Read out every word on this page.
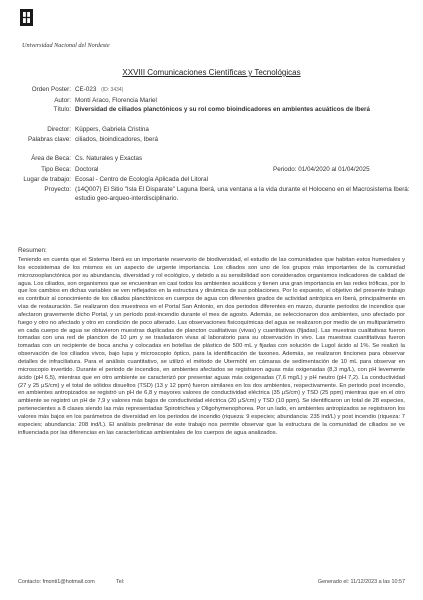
Universidad Nacional del Nordeste
XXVIII Comunicaciones Científicas y Tecnológicas
Orden Poster: CE-023 (ID: 3434)
Autor: Montí Araco, Florencia Mariel
Título: Diversidad de ciliados planctónicos y su rol como bioindicadores en ambientes acuáticos de Iberá
Director: Küppers, Gabriela Cristina
Palabras clave: ciliados, bioindicadores, Iberá
Área de Beca: Cs. Naturales y Exactas
Tipo Beca: Doctoral	Periodo: 01/04/2020 al 01/04/2025
Lugar de trabajo: Ecosal - Centro de Ecología Aplicada del Litoral
Proyecto: (14Q007) El Sitio "Isla El Disparate" Laguna Iberá, una ventana a la vida durante el Holoceno en el Macrosistema Iberá: estudio geo-arqueo-interdisciplinario.
Resumen:
Teniendo en cuenta que el Sistema Iberá es un importante reservorio de biodiversidad, el estudio de las comunidades que habitan estos humedales y los ecosistemas de los mismos es un aspecto de urgente importancia. Los ciliados son uno de los grupos más importantes de la comunidad microzooplanctónica por su abundancia, diversidad y rol ecológico, y debido a su sensibilidad son considerados organismos indicadores de calidad de agua. Los ciliados, son organismos que se encuentran en casi todos los ambientes acuáticos y tienen una gran importancia en las redes tróficas, por lo que los cambios en dichas variables se ven reflejados en la estructura y dinámica de sus poblaciones. Por lo expuesto, el objetivo del presente trabajo es contribuir al conocimiento de los ciliados planctónicos en cuerpos de agua con diferentes grados de actividad antrópica en Iberá, principalmente en vías de restauración. Se realizaron dos muestreos en el Portal San Antonio, en dos periodos diferentes en marzo, durante periodos de incendios que afectaron gravemente dicho Portal, y un período post-incendio durante el mes de agosto. Además, se seleccionaron dos ambientes, uno afectado por fuego y otro no afectado y otro en condición de poco alterado. Las observaciones fisicoquímicas del agua se realizaron por medio de un multiparámetro en cada cuerpo de agua se obtuvieron muestras duplicadas de plancton cualitativas (vivas) y cuantitativas (fijadas). Las muestras cualitativas fueron tomadas con una red de plancton de 10 μm y se trasladaron vivas al laboratorio para su observación in vivo. Las muestras cuantitativas fueron tomadas con un recipiente de boca ancha y colocadas en botellas de plástico de 500 mL y fijadas con solución de Lugol ácido al 1%. Se realizó la observación de los ciliados vivos, bajo lupa y microscopio óptico, para la identificación de taxones. Además, se realizaron tinciones para observar detalles de infraciliatura. Para el análisis cuantitativo, se utilizó el método de Utermöhl en cámaras de sedimentación de 10 mL para observar en microscopio invertido. Durante el periodo de incendios, en ambientes afectados se registraron aguas más oxigenadas (8,3 mg/L), con pH levemente ácido (pH 6,5), mientras que en otro ambiente se caracterizó por presentar aguas más oxigenadas (7,6 mg/L) y pH neutro (pH 7,2). La conductividad (27 y 25 μS/cm) y el total de sólidos disueltos (TSD) (13 y 12 ppm) fueron similares en los dos ambientes, respectivamente. En periodo post incendio, en ambientes antropizados se registró un pH de 6,8 y mayores valores de conductividad eléctrica (35 μS/cm) y TSD (25 ppm) mientras que en el otro ambiente se registró un pH de 7,9 y valores más bajos de conductividad eléctrica (20 μS/cm) y TSD (10 ppm). Se identificaron un total de 28 especies, pertenecientes a 8 clases siendo las más representadas Spirotrichea y Oligohymenophorea. Por un lado, en ambientes antropizados se registraron los valores más bajos en los parámetros de diversidad en los periodos de incendio (riqueza: 9 especies; abundancia: 235 ind/L) y post incendio (riqueza: 7 especies; abundancia: 208 ind/L). El análisis preliminar de este trabajo nos permite observar que la estructura de la comunidad de ciliados se ve influenciada por las diferencias en las características ambientales de los cuerpos de agua analizados.
Contacto: fmonti1@hotmail.com	Tel:	Generado el: 11/12/2023 a las 10:57
